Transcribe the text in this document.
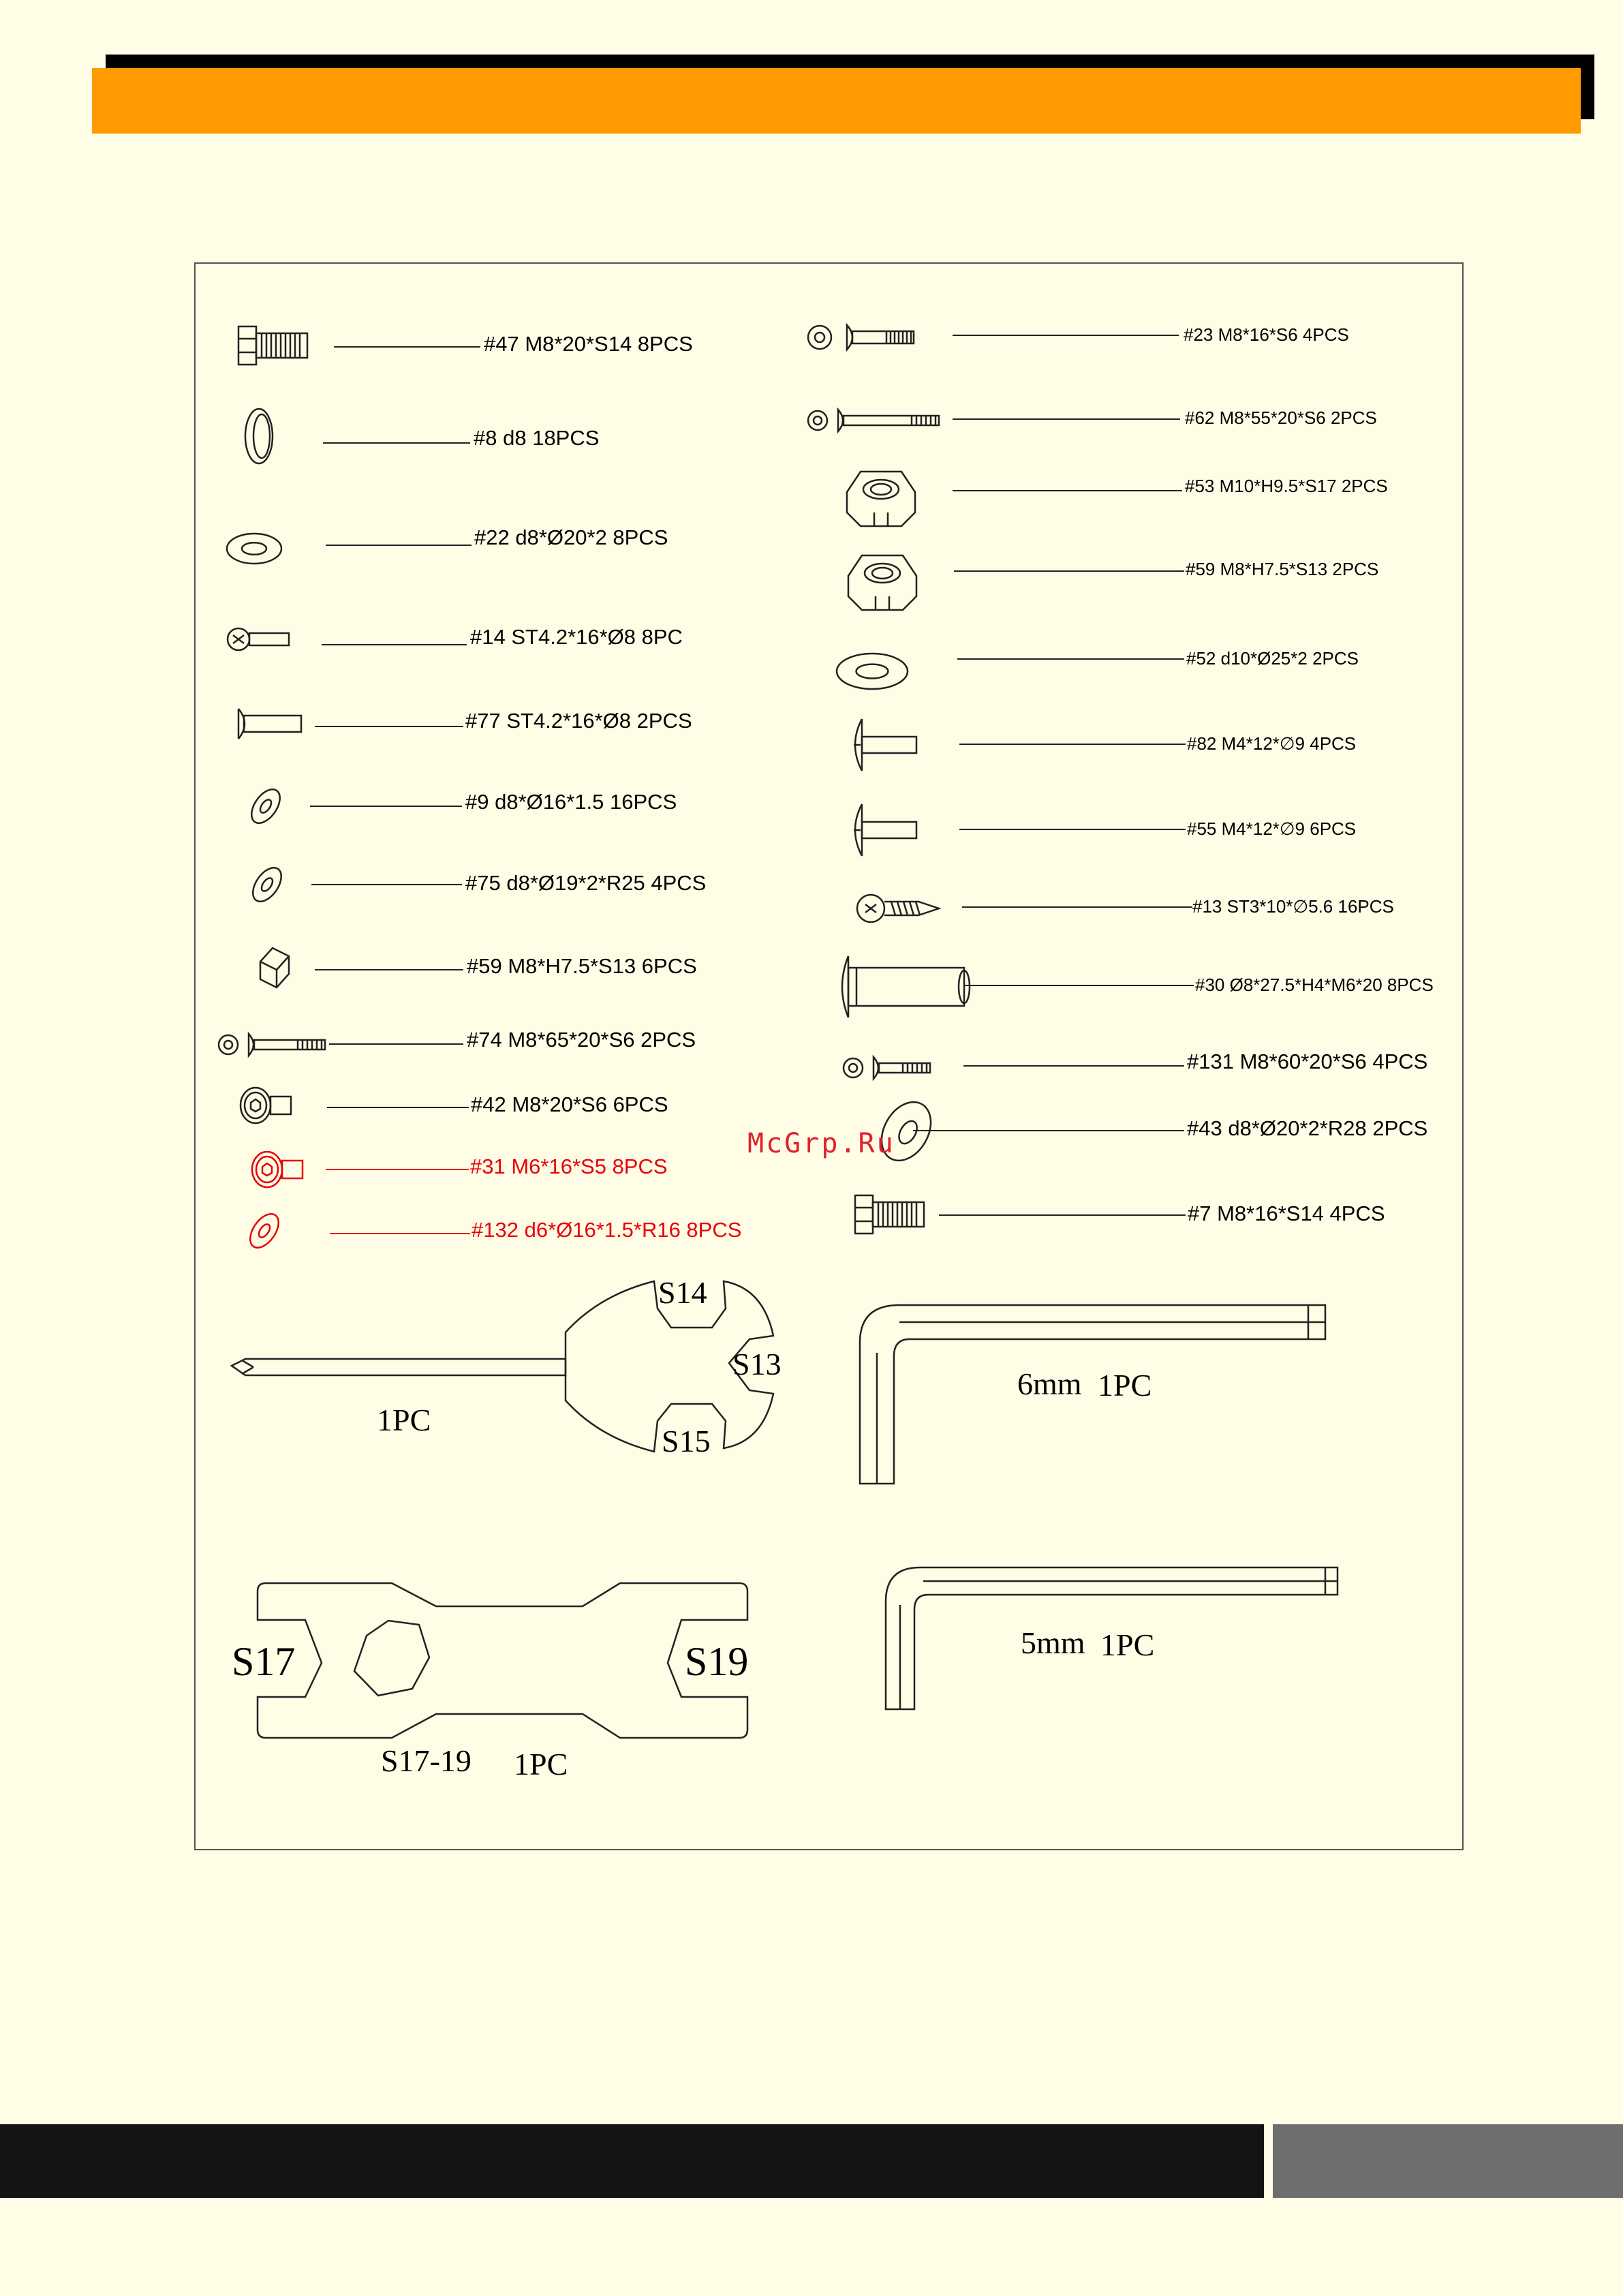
#47 M8*20*S14 8PCS
#8 d8 18PCS
#22 d8*Ø20*2 8PCS
#14 ST4.2*16*Ø8 8PC
#77 ST4.2*16*Ø8 2PCS
#9 d8*Ø16*1.5 16PCS
#75 d8*Ø19*2*R25 4PCS
#59 M8*H7.5*S13 6PCS
#74 M8*65*20*S6 2PCS
#42 M8*20*S6 6PCS
#31 M6*16*S5 8PCS
#132 d6*Ø16*1.5*R16 8PCS
#23 M8*16*S6 4PCS
#62 M8*55*20*S6 2PCS
#53 M10*H9.5*S17 2PCS
#59 M8*H7.5*S13 2PCS
#52 d10*Ø25*2 2PCS
#82 M4*12*∅9 4PCS
#55 M4*12*∅9 6PCS
#13 ST3*10*∅5.6 16PCS
#30 Ø8*27.5*H4*M6*20 8PCS
#131 M8*60*20*S6 4PCS
#43 d8*Ø20*2*R28 2PCS
#7 M8*16*S14 4PCS
S14
S13
S15
1PC
6mm 1PC
5mm 1PC
S17	S19
S17-19 1PC
McGrp.Ru
